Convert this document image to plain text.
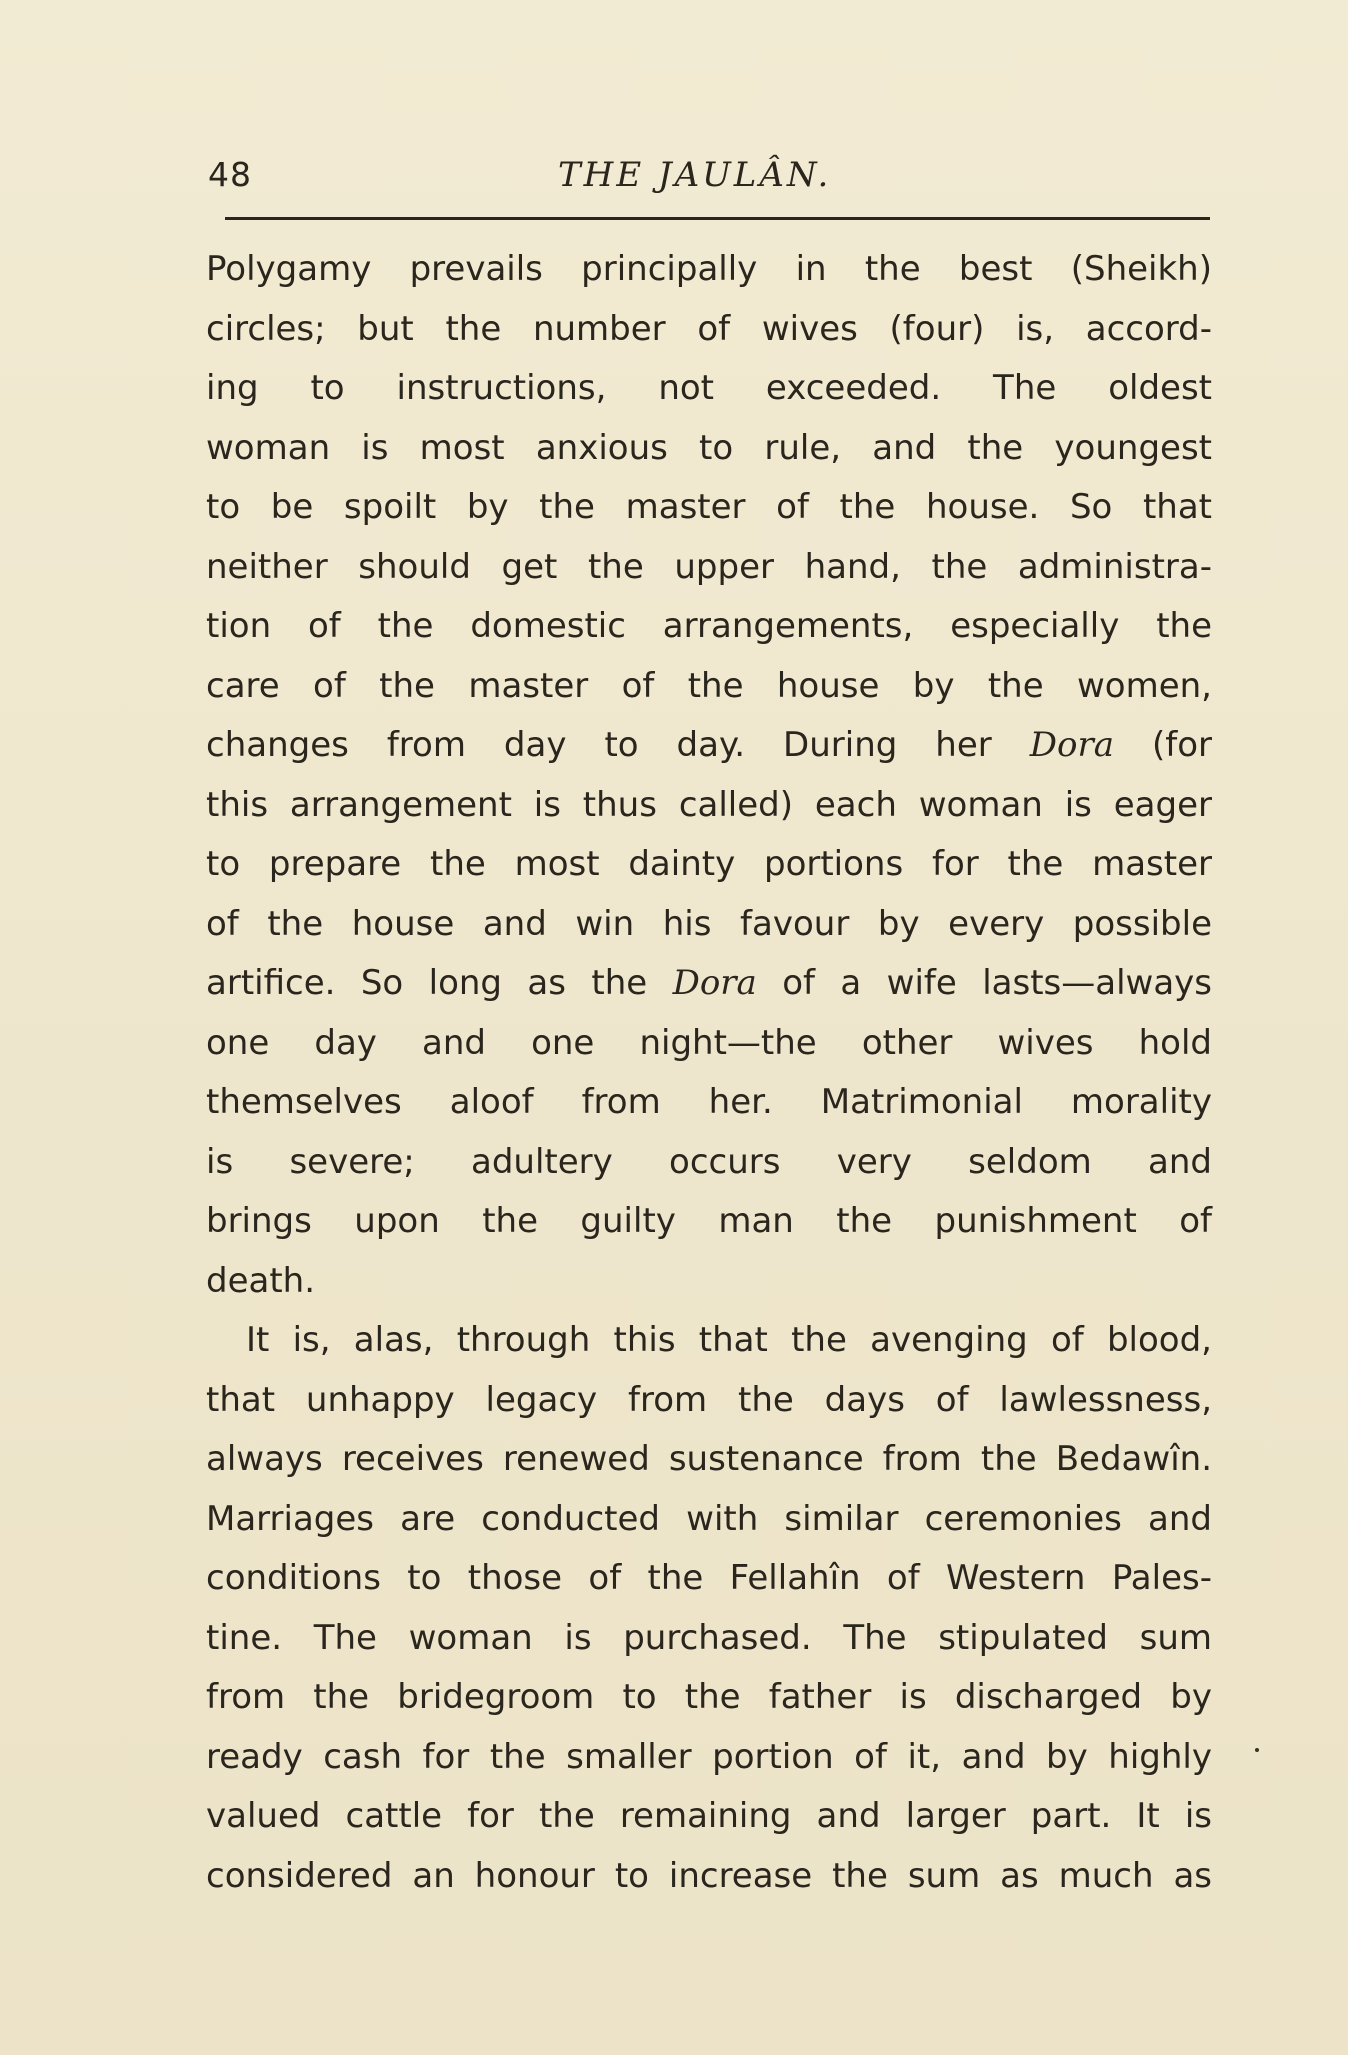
48	THE JAULÂN.
Polygamy prevails principally in the best (Sheikh)
circles; but the number of wives (four) is, accord-
ing to instructions, not exceeded. The oldest
woman is most anxious to rule, and the youngest
to be spoilt by the master of the house. So that
neither should get the upper hand, the administra-
tion of the domestic arrangements, especially the
care of the master of the house by the women,
changes from day to day. During her Dora (for
this arrangement is thus called) each woman is eager
to prepare the most dainty portions for the master
of the house and win his favour by every possible
artifice. So long as the Dora of a wife lasts—always
one day and one night—the other wives hold
themselves aloof from her. Matrimonial morality
is severe; adultery occurs very seldom and
brings upon the guilty man the punishment of
death.
It is, alas, through this that the avenging of blood,
that unhappy legacy from the days of lawlessness,
always receives renewed sustenance from the Bedawîn.
Marriages are conducted with similar ceremonies and
conditions to those of the Fellahîn of Western Pales-
tine. The woman is purchased. The stipulated sum
from the bridegroom to the father is discharged by
ready cash for the smaller portion of it, and by highly
valued cattle for the remaining and larger part. It is
considered an honour to increase the sum as much as
